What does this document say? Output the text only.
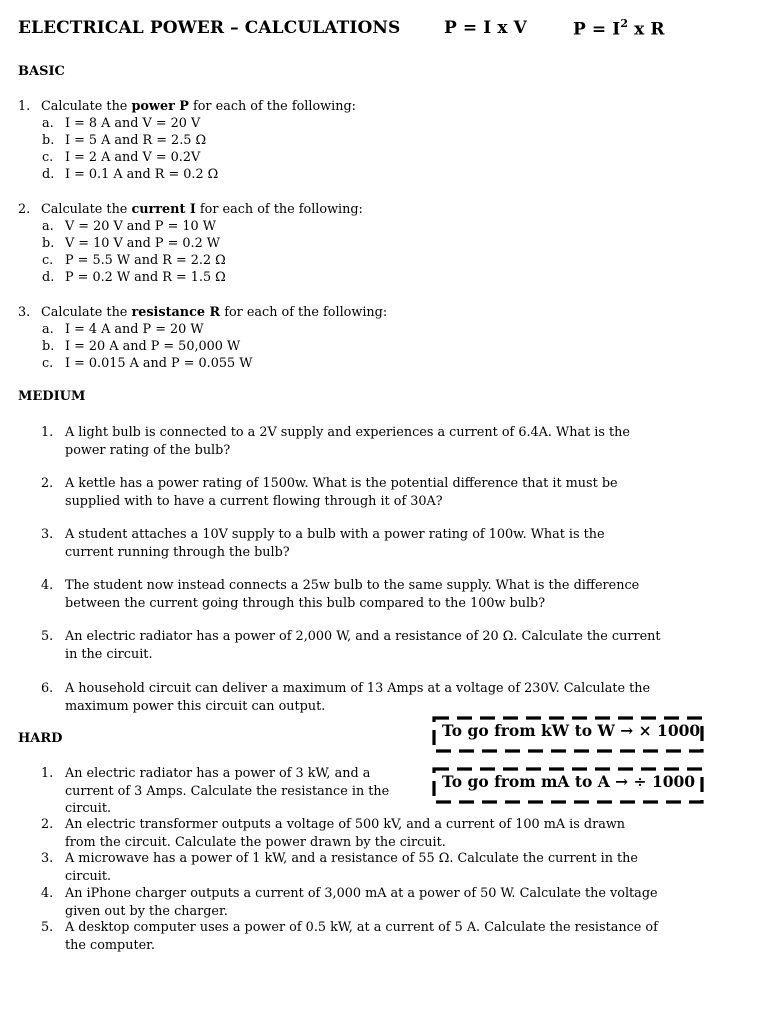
ELECTRICAL POWER – CALCULATIONS	P = I x V	$P = I^2$ x R
BASIC
1. Calculate the power P for each of the following:
a. I = 8 A and V = 20 V
b. I = 5 A and R = 2.5 Ω
c. I = 2 A and V = 0.2V
d. I = 0.1 A and R = 0.2 Ω
2. Calculate the current I for each of the following:
a. V = 20 V and P = 10 W
b. V = 10 V and P = 0.2 W
c. P = 5.5 W and R = 2.2 Ω
d. P = 0.2 W and R = 1.5 Ω
3. Calculate the resistance R for each of the following:
a. I = 4 A and P = 20 W
b. I = 20 A and P = 50,000 W
c. I = 0.015 A and P = 0.055 W
MEDIUM
1. A light bulb is connected to a 2V supply and experiences a current of 6.4A. What is the
power rating of the bulb?
2. A kettle has a power rating of 1500w. What is the potential difference that it must be
supplied with to have a current flowing through it of 30A?
3. A student attaches a 10V supply to a bulb with a power rating of 100w. What is the
current running through the bulb?
4. The student now instead connects a 25w bulb to the same supply. What is the difference
between the current going through this bulb compared to the 100w bulb?
5. An electric radiator has a power of 2,000 W, and a resistance of 20 Ω. Calculate the current
in the circuit.
6. A household circuit can deliver a maximum of 13 Amps at a voltage of 230V. Calculate the
maximum power this circuit can output.
To go from kW to W → × 1000
To go from mA to A → ÷ 1000
HARD
1. An electric radiator has a power of 3 kW, and a
current of 3 Amps. Calculate the resistance in the
circuit.
2. An electric transformer outputs a voltage of 500 kV, and a current of 100 mA is drawn
from the circuit. Calculate the power drawn by the circuit.
3. A microwave has a power of 1 kW, and a resistance of 55 Ω. Calculate the current in the
circuit.
4. An iPhone charger outputs a current of 3,000 mA at a power of 50 W. Calculate the voltage
given out by the charger.
5. A desktop computer uses a power of 0.5 kW, at a current of 5 A. Calculate the resistance of
the computer.
